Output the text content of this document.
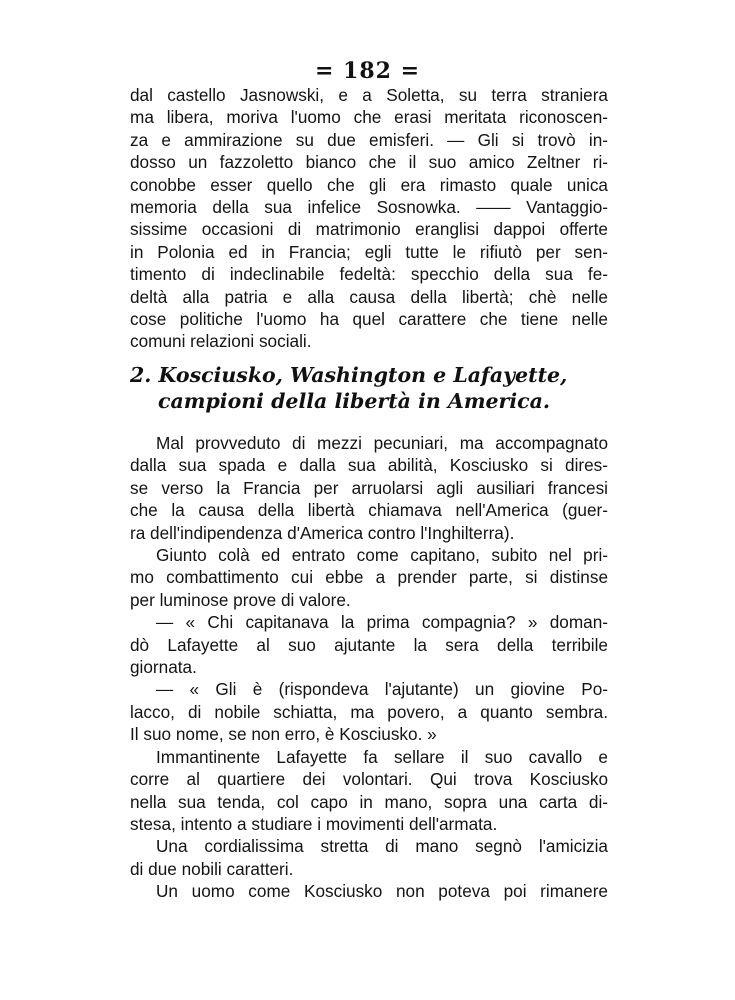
= 182 =
dal castello Jasnowski, e a Soletta, su terra straniera
ma libera, moriva l'uomo che erasi meritata riconoscen-
za e ammirazione su due emisferi. — Gli si trovò in-
dosso un fazzoletto bianco che il suo amico Zeltner ri-
conobbe esser quello che gli era rimasto quale unica
memoria della sua infelice Sosnowka. —— Vantaggio-
sissime occasioni di matrimonio eranglisi dappoi offerte
in Polonia ed in Francia; egli tutte le rifiutò per sen-
timento di indeclinabile fedeltà: specchio della sua fe-
deltà alla patria e alla causa della libertà; chè nelle
cose politiche l'uomo ha quel carattere che tiene nelle
comuni relazioni sociali.
2. Kosciusko, Washington e Lafayette,
campioni della libertà in America.
Mal provveduto di mezzi pecuniari, ma accompagnato
dalla sua spada e dalla sua abilità, Kosciusko si dires-
se verso la Francia per arruolarsi agli ausiliari francesi
che la causa della libertà chiamava nell'America (guer-
ra dell'indipendenza d'America contro l'Inghilterra).
Giunto colà ed entrato come capitano, subito nel pri-
mo combattimento cui ebbe a prender parte, si distinse
per luminose prove di valore.
— « Chi capitanava la prima compagnia? » doman-
dò Lafayette al suo ajutante la sera della terribile
giornata.
— « Gli è (rispondeva l'ajutante) un giovine Po-
lacco, di nobile schiatta, ma povero, a quanto sembra.
Il suo nome, se non erro, è Kosciusko. »
Immantinente Lafayette fa sellare il suo cavallo e
corre al quartiere dei volontari. Qui trova Kosciusko
nella sua tenda, col capo in mano, sopra una carta di-
stesa, intento a studiare i movimenti dell'armata.
Una cordialissima stretta di mano segnò l'amicizia
di due nobili caratteri.
Un uomo come Kosciusko non poteva poi rimanere
